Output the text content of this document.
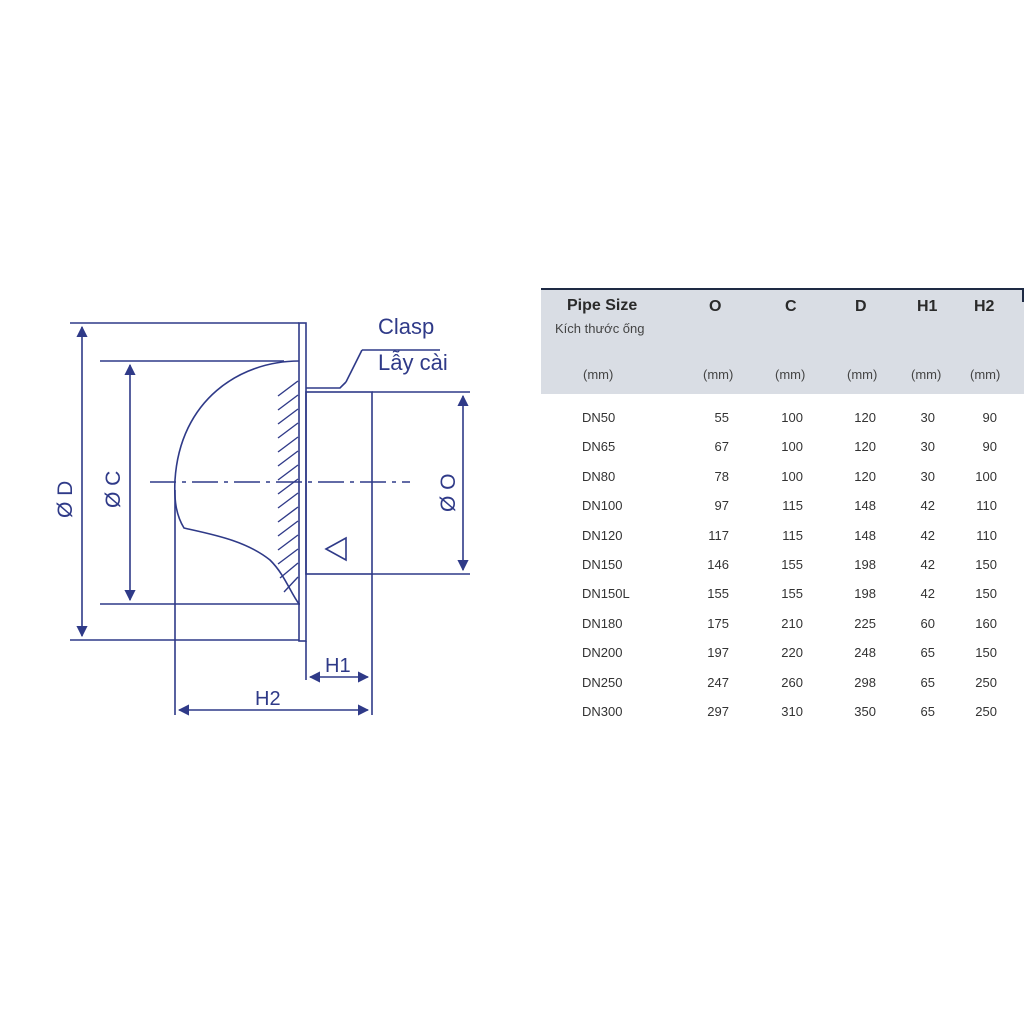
Clasp
Lẫy cài
Ø D Ø C	Ø O
H1
H2
Pipe Size
Kích thước ống
O	C	D	H1 H2
(mm)	(mm)	(mm)	(mm)	(mm) (mm)
DN50	55	100	120	30	90
DN65	67	100	120	30	90
DN80	78	100	120	30	100
DN100	97	115	148	42	110
DN120	117	115	148	42	110
DN150	146	155	198	42	150
DN150L	155	155	198	42	150
DN180	175	210	225	60	160
DN200	197	220	248	65	150
DN250	247	260	298	65	250
DN300	297	310	350	65	250
